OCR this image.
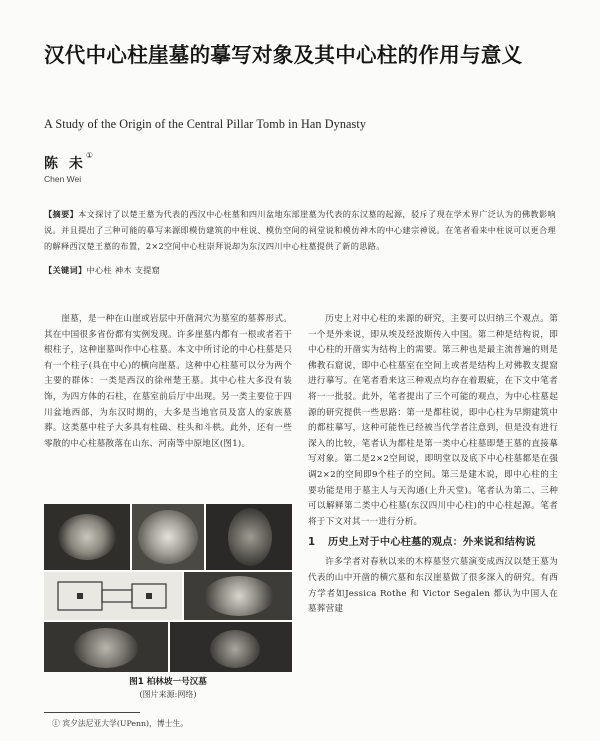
汉代中心柱崖墓的摹写对象及其中心柱的作用与意义
A Study of the Origin of the Central Pillar Tomb in Han Dynasty
陈 未①
Chen Wei
【摘要】本文探讨了以楚王墓为代表的西汉中心柱墓和四川盆地东部崖墓为代表的东汉墓的起源，驳斥了现在学术界广泛认为的佛教影响说。并且提出了三种可能的摹写来源即模仿建筑的中柱说、模仿空间的祠堂说和模仿神木的中心建宗神说。在笔者看来中柱说可以更合理的解释西汉楚王墓的布置，2×2空间中心柱崇拜说却为东汉四川中心柱墓提供了新的思路。
【关键词】中心柱 神木 支提窟

崖墓，是一种在山崖或岩层中开凿洞穴为墓室的墓葬形式。其在中国很多省份都有实例发现。许多崖墓内都有一根或者若干根柱子，这种崖墓叫作中心柱墓。本文中所讨论的中心柱墓是只有一个柱子(具在中心)的横向崖墓。这种中心柱墓可以分为两个主要的群体：一类是西汉的徐州楚王墓。其中心柱大多没有装饰，为四方体的石柱，在墓室前后厅中出现。另一类主要位于四川盆地西部，为东汉时期的，大多是当地官员及富人的家族墓葬。这类墓中柱子大多具有柱础、柱头和斗栱。此外，还有一些零散的中心柱墓散落在山东、河南等中原地区(图1)。

图1 柏林坡一号汉墓
(图片来源:网络)

历史上对中心柱的来源的研究，主要可以归纳三个观点。第一个是外来说，即从埃及经波斯传入中国。第二种是结构说，即中心柱的开凿实为结构上的需要。第三种也是最主流普遍的则是佛教石窟说，即中心柱墓室在空间上或者是结构上对佛教支提窟进行摹写。在笔者看来这三种观点均存在着瑕疵，在下文中笔者将一一批驳。此外，笔者提出了三个可能的观点，为中心柱墓起源的研究提供一些思路：第一是都柱说，即中心柱为早期建筑中的都柱摹写，这种可能性已经被当代学者注意到，但是没有进行深入的比较，笔者认为都柱是第一类中心柱墓即楚王墓的直接摹写对象。第二是2×2空间说，即明堂以及底下中心柱墓都是在强调2×2的空间即9个柱子的空间。第三是建木说，即中心柱的主要功能是用于墓主人与天沟通(上升天堂)。笔者认为第二、三种可以解释第二类中心柱墓(东汉四川中心柱)的中心柱起源。笔者将于下文对其一一进行分析。

1 历史上对于中心柱墓的观点：外来说和结构说

许多学者对春秋以来的木椁墓竖穴墓演变成西汉以楚王墓为代表的山中开凿的横穴墓和东汉崖墓做了很多深入的研究。有西方学者如Jessica Rothe 和 Victor Segalen 都认为中国人在墓葬营建

① 宾夕法尼亚大学(UPenn)，博士生。
